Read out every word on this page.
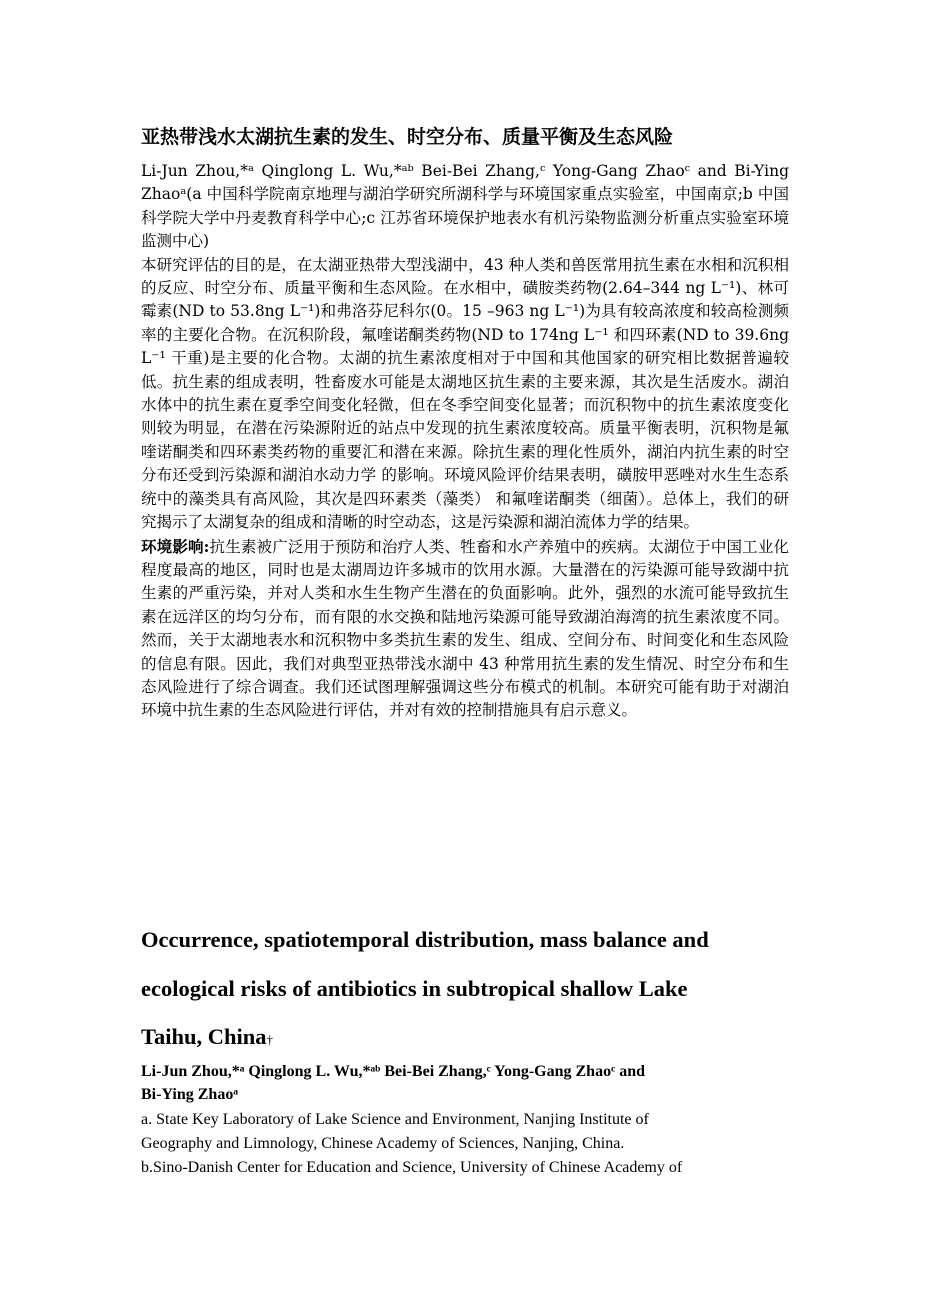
亚热带浅水太湖抗生素的发生、时空分布、质量平衡及生态风险

Li-Jun Zhou,*ᵃ Qinglong L. Wu,*ᵃᵇ Bei-Bei Zhang,ᶜ Yong-Gang Zhaoᶜ and Bi-Ying Zhaoᵃ(a 中国科学院南京地理与湖泊学研究所湖科学与环境国家重点实验室，中国南京;b 中国科学院大学中丹麦教育科学中心;c 江苏省环境保护地表水有机污染物监测分析重点实验室环境监测中心)

本研究评估的目的是，在太湖亚热带大型浅湖中，43 种人类和兽医常用抗生素在水相和沉积相的反应、时空分布、质量平衡和生态风险。在水相中，磺胺类药物(2.64–344 ng L⁻¹)、林可霉素(ND to 53.8ng L⁻¹)和弗洛芬尼科尔(0。15 –963 ng L⁻¹)为具有较高浓度和较高检测频率的主要化合物。在沉积阶段，氟喹诺酮类药物(ND to 174ng L⁻¹ 和四环素(ND to 39.6ng L⁻¹ 干重)是主要的化合物。太湖的抗生素浓度相对于中国和其他国家的研究相比数据普遍较低。抗生素的组成表明，牲畜废水可能是太湖地区抗生素的主要来源，其次是生活废水。湖泊水体中的抗生素在夏季空间变化轻微，但在冬季空间变化显著；而沉积物中的抗生素浓度变化则较为明显，在潜在污染源附近的站点中发现的抗生素浓度较高。质量平衡表明，沉积物是氟喹诺酮类和四环素类药物的重要汇和潜在来源。除抗生素的理化性质外，湖泊内抗生素的时空分布还受到污染源和湖泊水动力学 的影响。环境风险评价结果表明，磺胺甲恶唑对水生生态系统中的藻类具有高风险，其次是四环素类（藻类） 和氟喹诺酮类（细菌）。总体上，我们的研究揭示了太湖复杂的组成和清晰的时空动态，这是污染源和湖泊流体力学的结果。

环境影响:抗生素被广泛用于预防和治疗人类、牲畜和水产养殖中的疾病。太湖位于中国工业化程度最高的地区，同时也是太湖周边许多城市的饮用水源。大量潜在的污染源可能导致湖中抗生素的严重污染，并对人类和水生生物产生潜在的负面影响。此外，强烈的水流可能导致抗生素在远洋区的均匀分布，而有限的水交换和陆地污染源可能导致湖泊海湾的抗生素浓度不同。然而，关于太湖地表水和沉积物中多类抗生素的发生、组成、空间分布、时间变化和生态风险的信息有限。因此，我们对典型亚热带浅水湖中 43 种常用抗生素的发生情况、时空分布和生态风险进行了综合调查。我们还试图理解强调这些分布模式的机制。本研究可能有助于对湖泊环境中抗生素的生态风险进行评估，并对有效的控制措施具有启示意义。

Occurrence, spatiotemporal distribution, mass balance and

ecological risks of antibiotics in subtropical shallow Lake

Taihu, China†

Li-Jun Zhou,*ᵃ Qinglong L. Wu,*ᵃᵇ Bei-Bei Zhang,ᶜ Yong-Gang Zhaoᶜ and
Bi-Ying Zhaoᵃ

a. State Key Laboratory of Lake Science and Environment, Nanjing Institute of

Geography and Limnology, Chinese Academy of Sciences, Nanjing, China.

b.Sino-Danish Center for Education and Science, University of Chinese Academy of
